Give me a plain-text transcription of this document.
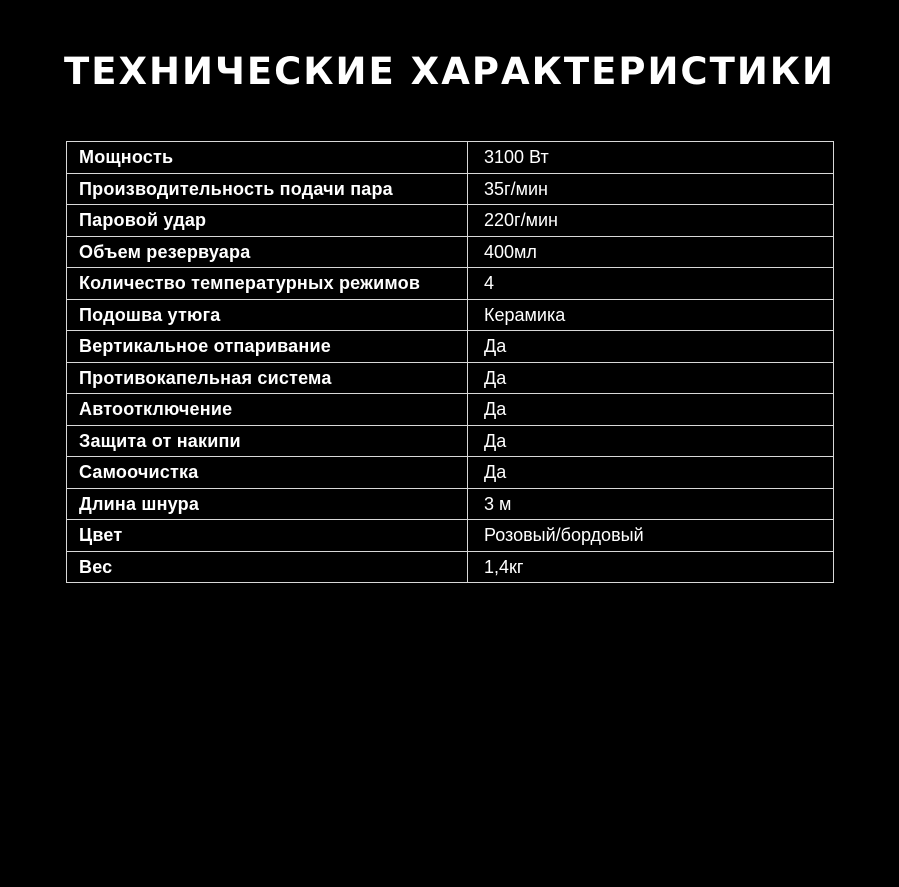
ТЕХНИЧЕСКИЕ ХАРАКТЕРИСТИКИ
Мощность	3100 Вт
Производительность подачи пара	35г/мин
Паровой удар	220г/мин
Объем резервуара	400мл
Количество температурных режимов	4
Подошва утюга	Керамика
Вертикальное отпаривание	Да
Противокапельная система	Да
Автоотключение	Да
Защита от накипи	Да
Самоочистка	Да
Длина шнура	3 м
Цвет	Розовый/бордовый
Вес	1,4кг
